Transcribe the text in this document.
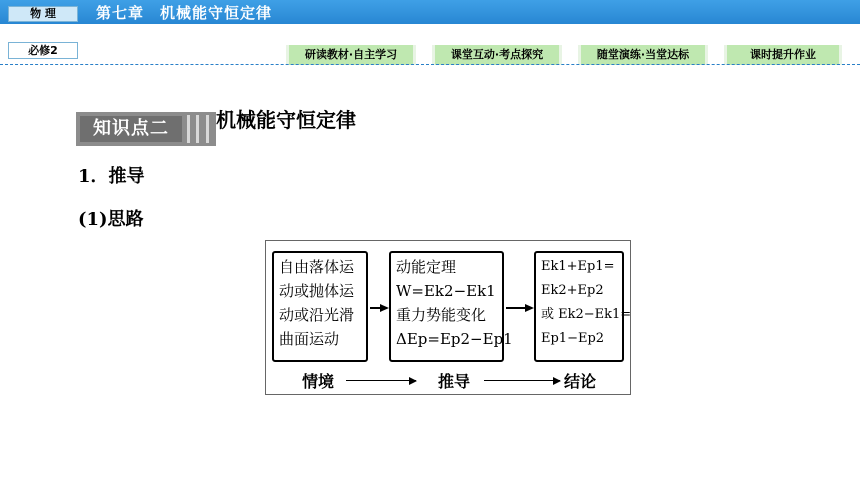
物 理	第七章　机械能守恒定律
必修2	研读教材·自主学习	课堂互动·考点探究	随堂演练·当堂达标	课时提升作业
知识点二	机械能守恒定律
1．推导
(1)思路
自由落体运
动或抛体运
动或沿光滑
曲面运动
动能定理
W=Ek2−Ek1
重力势能变化
ΔEp=Ep2−Ep1
Ek1+Ep1=
Ek2+Ep2
或 Ek2−Ek1=
Ep1−Ep2
情境	推导	结论
